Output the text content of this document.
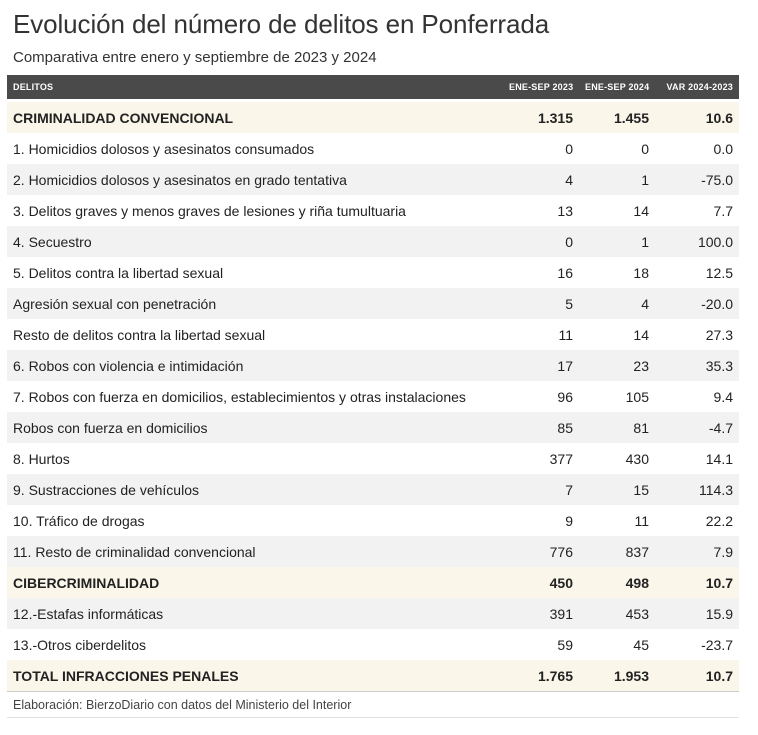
Evolución del número de delitos en Ponferrada
Comparativa entre enero y septiembre de 2023 y 2024
DELITOS	ENE-SEP 2023	ENE-SEP 2024	VAR 2024-2023

CRIMINALIDAD CONVENCIONAL	1.315	1.455	10.6
1. Homicidios dolosos y asesinatos consumados	0	0	0.0
2. Homicidios dolosos y asesinatos en grado tentativa	4	1	-75.0
3. Delitos graves y menos graves de lesiones y riña tumultuaria	13	14	7.7
4. Secuestro	0	1	100.0
5. Delitos contra la libertad sexual	16	18	12.5
Agresión sexual con penetración	5	4	-20.0
Resto de delitos contra la libertad sexual	11	14	27.3
6. Robos con violencia e intimidación	17	23	35.3
7. Robos con fuerza en domicilios, establecimientos y otras instalaciones	96	105	9.4
Robos con fuerza en domicilios	85	81	-4.7
8. Hurtos	377	430	14.1
9. Sustracciones de vehículos	7	15	114.3
10. Tráfico de drogas	9	11	22.2
11. Resto de criminalidad convencional	776	837	7.9
CIBERCRIMINALIDAD	450	498	10.7
12.-Estafas informáticas	391	453	15.9
13.-Otros ciberdelitos	59	45	-23.7
TOTAL INFRACCIONES PENALES	1.765	1.953	10.7
Elaboración: BierzoDiario con datos del Ministerio del Interior
